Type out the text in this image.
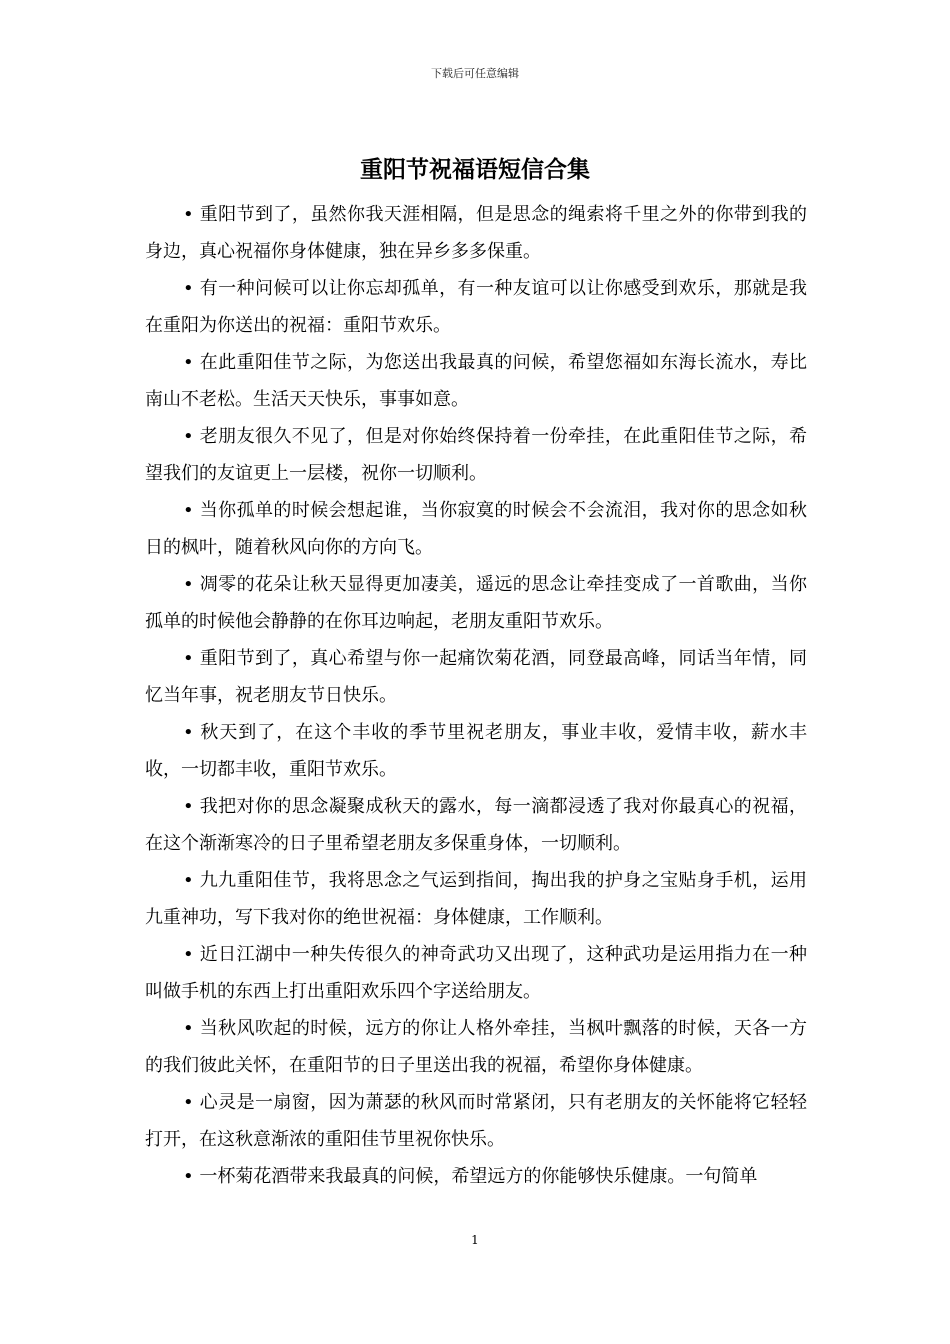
下载后可任意编辑
重阳节祝福语短信合集

• 重阳节到了，虽然你我天涯相隔，但是思念的绳索将千里之外的你带到我的身边，真心祝福你身体健康，独在异乡多多保重。

• 有一种问候可以让你忘却孤单，有一种友谊可以让你感受到欢乐，那就是我在重阳为你送出的祝福：重阳节欢乐。

• 在此重阳佳节之际，为您送出我最真的问候，希望您福如东海长流水，寿比南山不老松。生活天天快乐，事事如意。

• 老朋友很久不见了，但是对你始终保持着一份牵挂，在此重阳佳节之际，希望我们的友谊更上一层楼，祝你一切顺利。

• 当你孤单的时候会想起谁，当你寂寞的时候会不会流泪，我对你的思念如秋日的枫叶，随着秋风向你的方向飞。

• 凋零的花朵让秋天显得更加凄美，遥远的思念让牵挂变成了一首歌曲，当你孤单的时候他会静静的在你耳边响起，老朋友重阳节欢乐。

• 重阳节到了，真心希望与你一起痛饮菊花酒，同登最高峰，同话当年情，同忆当年事，祝老朋友节日快乐。

• 秋天到了，在这个丰收的季节里祝老朋友，事业丰收，爱情丰收，薪水丰收，一切都丰收，重阳节欢乐。

• 我把对你的思念凝聚成秋天的露水，每一滴都浸透了我对你最真心的祝福，在这个渐渐寒冷的日子里希望老朋友多保重身体，一切顺利。

• 九九重阳佳节，我将思念之气运到指间，掏出我的护身之宝贴身手机，运用九重神功，写下我对你的绝世祝福：身体健康，工作顺利。

• 近日江湖中一种失传很久的神奇武功又出现了，这种武功是运用指力在一种叫做手机的东西上打出重阳欢乐四个字送给朋友。

• 当秋风吹起的时候，远方的你让人格外牵挂，当枫叶飘落的时候，天各一方的我们彼此关怀，在重阳节的日子里送出我的祝福，希望你身体健康。

• 心灵是一扇窗，因为萧瑟的秋风而时常紧闭，只有老朋友的关怀能将它轻轻打开，在这秋意渐浓的重阳佳节里祝你快乐。

• 一杯菊花酒带来我最真的问候，希望远方的你能够快乐健康。一句简单

1
